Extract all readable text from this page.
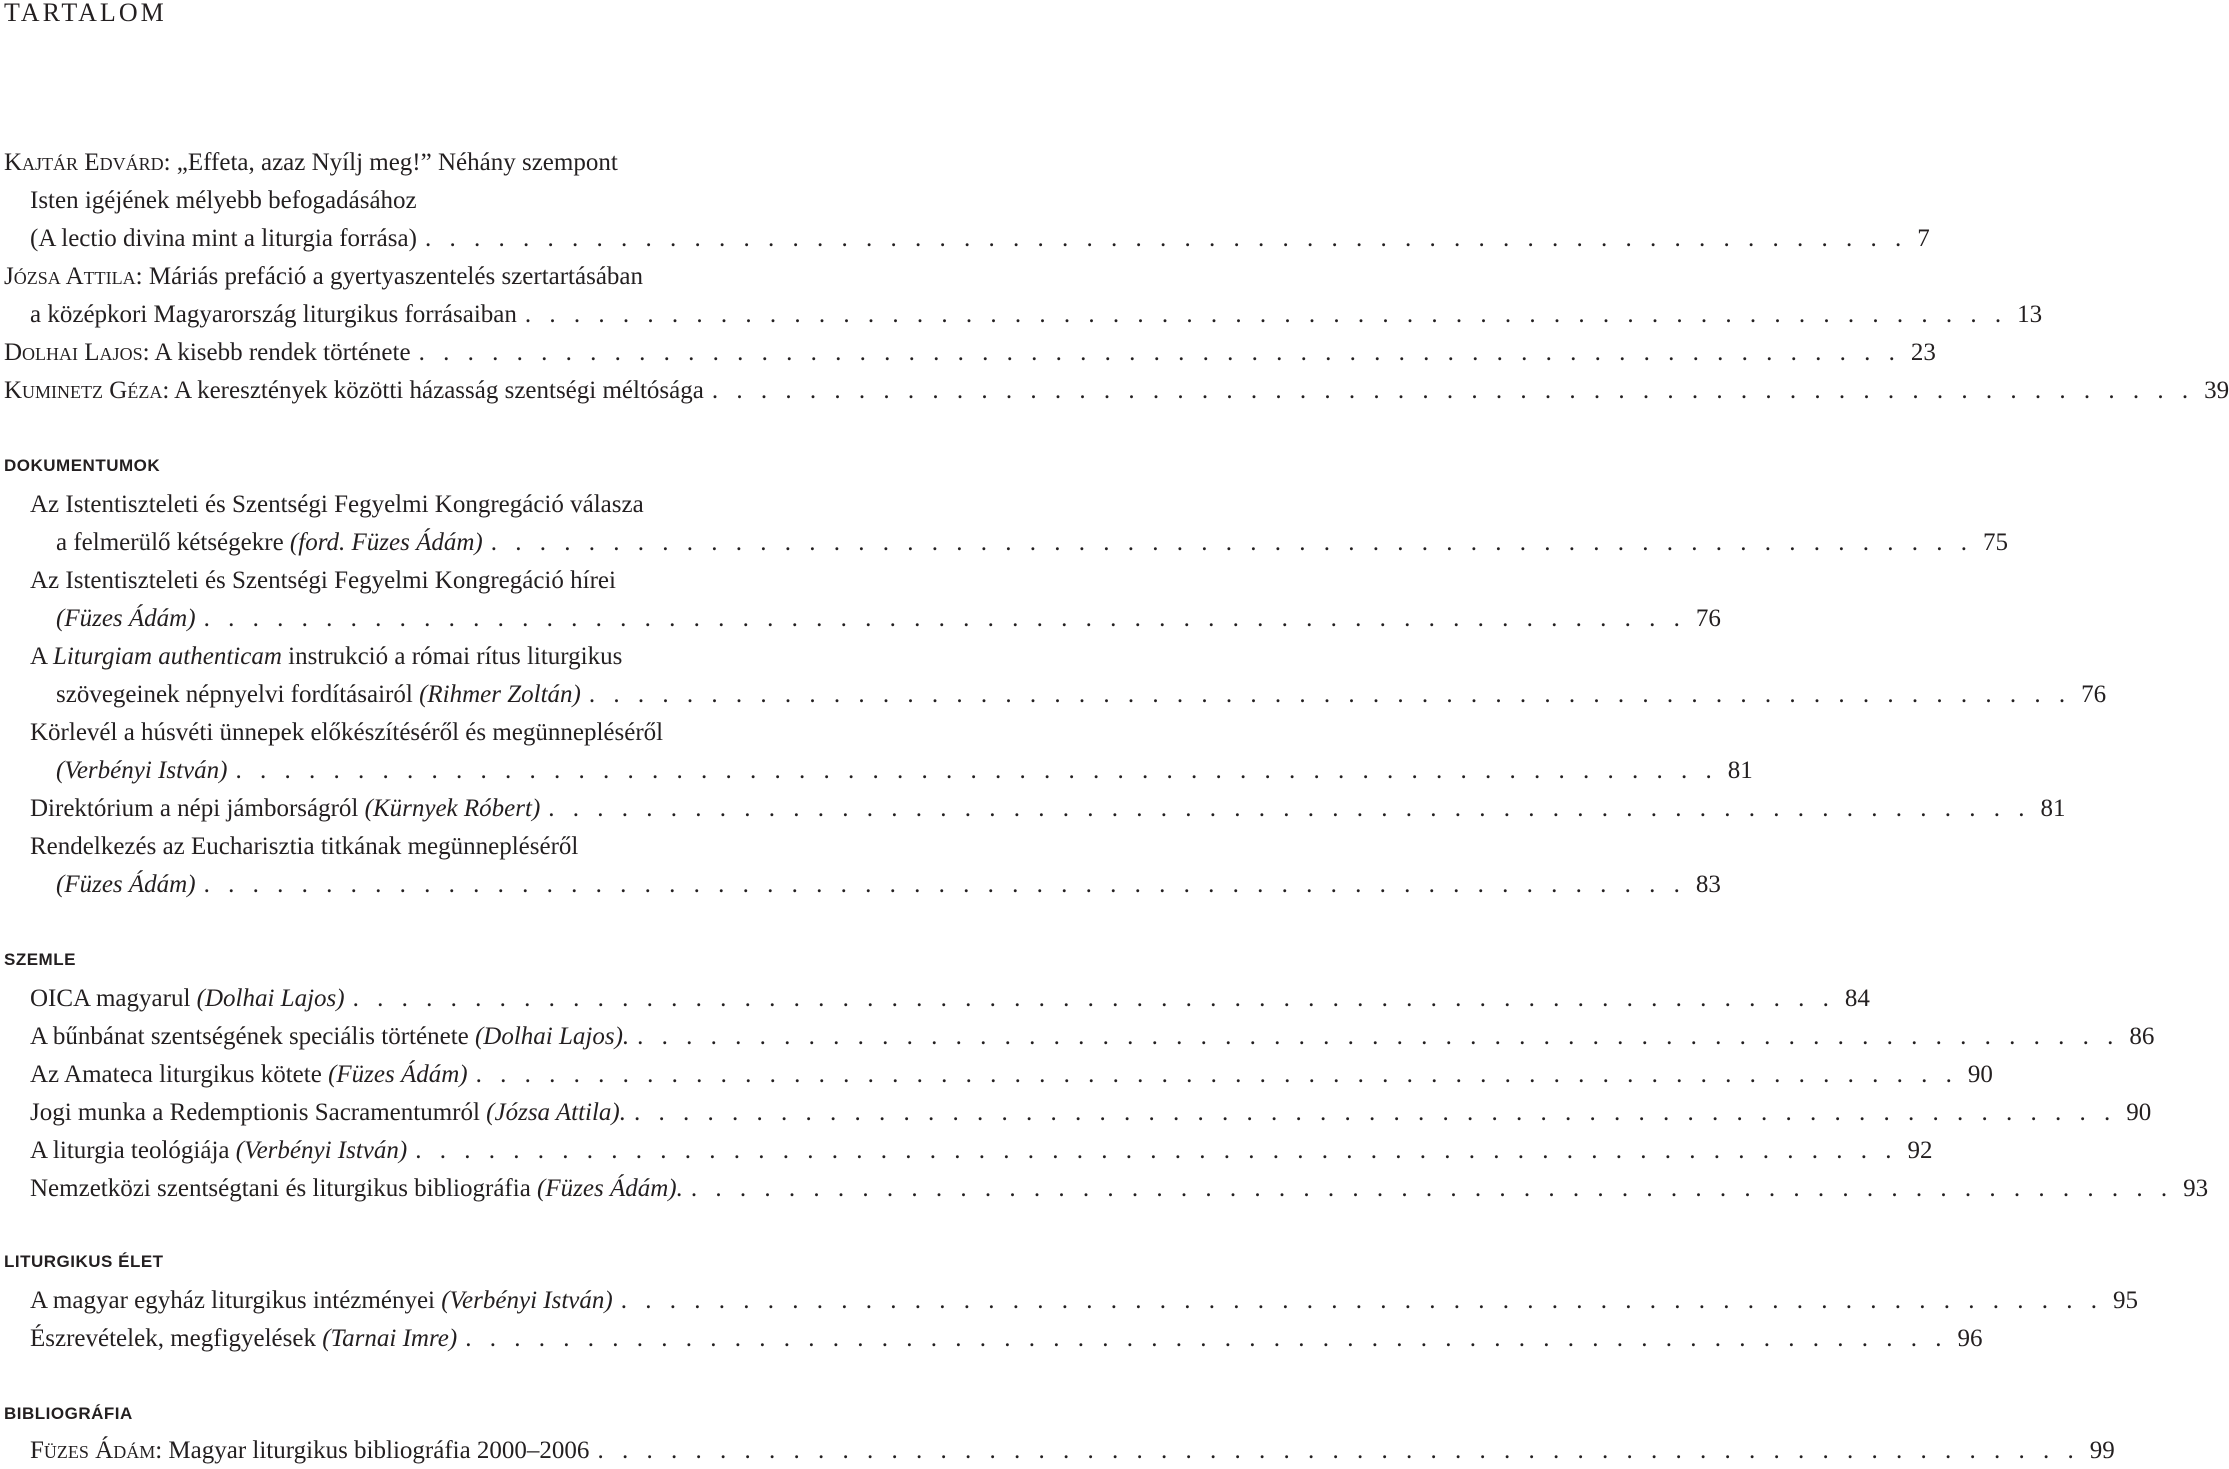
TARTALOM
Kajtár Edvárd: „Effeta, azaz Nyílj meg!” Néhány szempont
Isten igéjének mélyebb befogadásához
(A lectio divina mint a liturgia forrása) . . . . . . . . . . . . . . . . . . . . . . . . . . . . . . . . . . . . . . . . . . . . . . . . . . . . . . . . . . . . . 7
Józsa Attila: Máriás prefáció a gyertyaszentelés szertartásában
a középkori Magyarország liturgikus forrásaiban . . . . . . . . . . . . . . . . . . . . . . . . . . . . . . . . . . . . . . . . . . . . . . . . . . . . . . . . . . . . . 13
Dolhai Lajos: A kisebb rendek története . . . . . . . . . . . . . . . . . . . . . . . . . . . . . . . . . . . . . . . . . . . . . . . . . . . . . . . . . . . . . 23
Kuminetz Géza: A keresztények közötti házasság szentségi méltósága . . . . . . . . . . . . . . . . . . . . . . . . . . . . . . . . . . . . . . . . . . . . . . . . . . . . . . . . . . . . . 39
DOKUMENTUMOK
Az Istentiszteleti és Szentségi Fegyelmi Kongregáció válasza
a felmerülő kétségekre (ford. Füzes Ádám) . . . . . . . . . . . . . . . . . . . . . . . . . . . . . . . . . . . . . . . . . . . . . . . . . . . . . . . . . . . . . 75
Az Istentiszteleti és Szentségi Fegyelmi Kongregáció hírei
(Füzes Ádám) . . . . . . . . . . . . . . . . . . . . . . . . . . . . . . . . . . . . . . . . . . . . . . . . . . . . . . . . . . . . . 76
A Liturgiam authenticam instrukció a római rítus liturgikus
szövegeinek népnyelvi fordításairól (Rihmer Zoltán) . . . . . . . . . . . . . . . . . . . . . . . . . . . . . . . . . . . . . . . . . . . . . . . . . . . . . . . . . . . . . 76
Körlevél a húsvéti ünnepek előkészítéséről és megünnepléséről
(Verbényi István) . . . . . . . . . . . . . . . . . . . . . . . . . . . . . . . . . . . . . . . . . . . . . . . . . . . . . . . . . . . . . 81
Direktórium a népi jámborságról (Kürnyek Róbert) . . . . . . . . . . . . . . . . . . . . . . . . . . . . . . . . . . . . . . . . . . . . . . . . . . . . . . . . . . . . . 81
Rendelkezés az Eucharisztia titkának megünnepléséről
(Füzes Ádám) . . . . . . . . . . . . . . . . . . . . . . . . . . . . . . . . . . . . . . . . . . . . . . . . . . . . . . . . . . . . . 83
SZEMLE
OICA magyarul (Dolhai Lajos) . . . . . . . . . . . . . . . . . . . . . . . . . . . . . . . . . . . . . . . . . . . . . . . . . . . . . . . . . . . . . 84
A bűnbánat szentségének speciális története (Dolhai Lajos). . . . . . . . . . . . . . . . . . . . . . . . . . . . . . . . . . . . . . . . . . . . . . . . . . . . . . . . . . . . . . 86
Az Amateca liturgikus kötete (Füzes Ádám) . . . . . . . . . . . . . . . . . . . . . . . . . . . . . . . . . . . . . . . . . . . . . . . . . . . . . . . . . . . . . 90
Jogi munka a Redemptionis Sacramentumról (Józsa Attila). . . . . . . . . . . . . . . . . . . . . . . . . . . . . . . . . . . . . . . . . . . . . . . . . . . . . . . . . . . . . . 90
A liturgia teológiája (Verbényi István) . . . . . . . . . . . . . . . . . . . . . . . . . . . . . . . . . . . . . . . . . . . . . . . . . . . . . . . . . . . . . 92
Nemzetközi szentségtani és liturgikus bibliográfia (Füzes Ádám). . . . . . . . . . . . . . . . . . . . . . . . . . . . . . . . . . . . . . . . . . . . . . . . . . . . . . . . . . . . . . 93
LITURGIKUS ÉLET
A magyar egyház liturgikus intézményei (Verbényi István) . . . . . . . . . . . . . . . . . . . . . . . . . . . . . . . . . . . . . . . . . . . . . . . . . . . . . . . . . . . . . 95
Észrevételek, megfigyelések (Tarnai Imre) . . . . . . . . . . . . . . . . . . . . . . . . . . . . . . . . . . . . . . . . . . . . . . . . . . . . . . . . . . . . . 96
BIBLIOGRÁFIA
Füzes Ádám: Magyar liturgikus bibliográfia 2000–2006 . . . . . . . . . . . . . . . . . . . . . . . . . . . . . . . . . . . . . . . . . . . . . . . . . . . . . . . . . . . . . 99
